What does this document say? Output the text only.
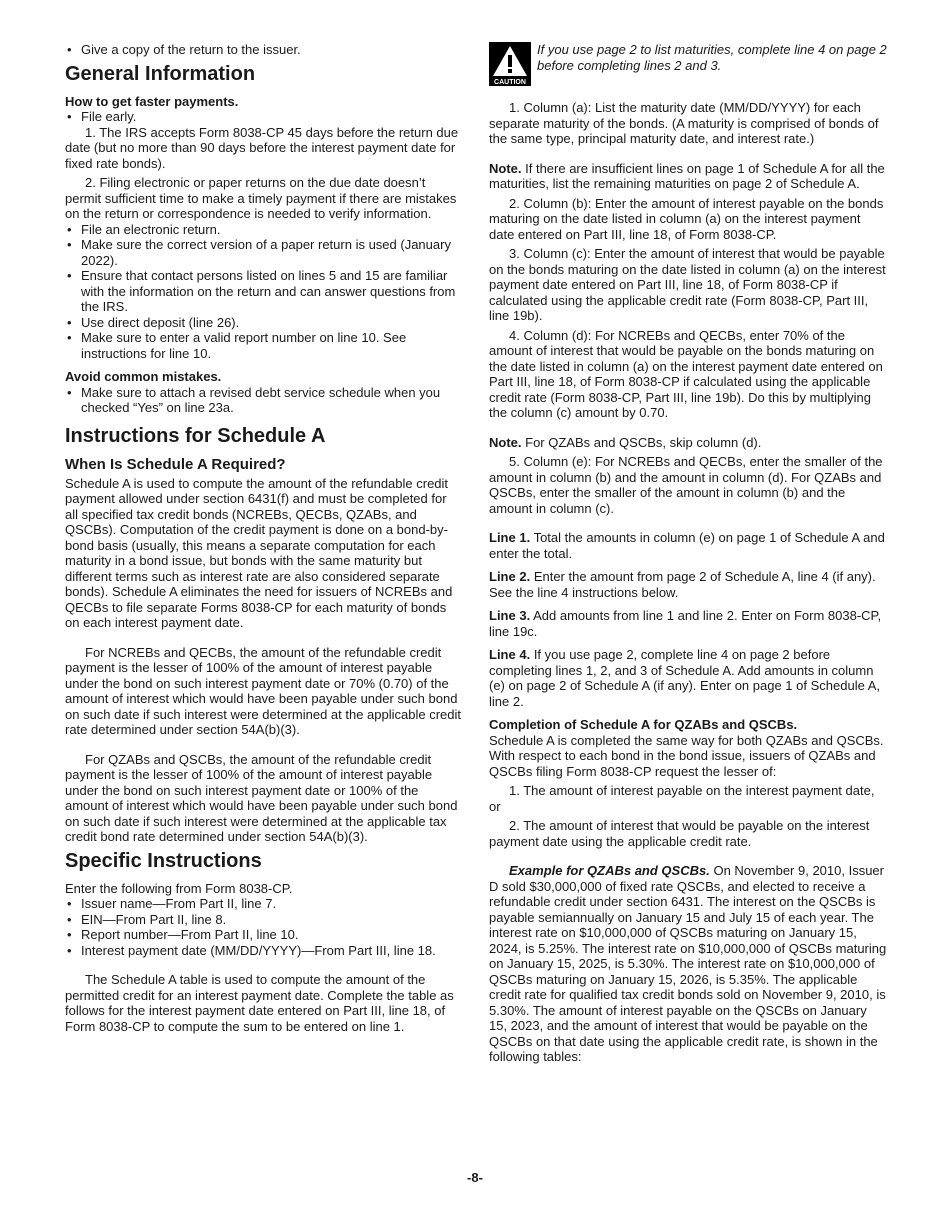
• Give a copy of the return to the issuer.

General Information

How to get faster payments.

• File early.

1. The IRS accepts Form 8038-CP 45 days before the return due date (but no more than 90 days before the interest payment date for fixed rate bonds).

2. Filing electronic or paper returns on the due date doesn’t permit sufficient time to make a timely payment if there are mistakes on the return or correspondence is needed to verify information.

• File an electronic return.

• Make sure the correct version of a paper return is used (January 2022).

• Ensure that contact persons listed on lines 5 and 15 are familiar with the information on the return and can answer questions from the IRS.

• Use direct deposit (line 26).

• Make sure to enter a valid report number on line 10. See instructions for line 10.

Avoid common mistakes.

• Make sure to attach a revised debt service schedule when you checked “Yes” on line 23a.

Instructions for Schedule A
When Is Schedule A Required?

Schedule A is used to compute the amount of the refundable credit payment allowed under section 6431(f) and must be completed for all specified tax credit bonds (NCREBs, QECBs, QZABs, and QSCBs). Computation of the credit payment is done on a bond-by-bond basis (usually, this means a separate computation for each maturity in a bond issue, but bonds with the same maturity but different terms such as interest rate are also considered separate bonds). Schedule A eliminates the need for issuers of NCREBs and QECBs to file separate Forms 8038-CP for each maturity of bonds on each interest payment date.

For NCREBs and QECBs, the amount of the refundable credit payment is the lesser of 100% of the amount of interest payable under the bond on such interest payment date or 70% (0.70) of the amount of interest which would have been payable under such bond on such date if such interest were determined at the applicable credit rate determined under section 54A(b)(3).

For QZABs and QSCBs, the amount of the refundable credit payment is the lesser of 100% of the amount of interest payable under the bond on such interest payment date or 100% of the amount of interest which would have been payable under such bond on such date if such interest were determined at the applicable tax credit bond rate determined under section 54A(b)(3).

Specific Instructions

Enter the following from Form 8038-CP.

• Issuer name—From Part II, line 7.

• EIN—From Part II, line 8.

• Report number—From Part II, line 10.

• Interest payment date (MM/DD/YYYY)—From Part III, line 18.

The Schedule A table is used to compute the amount of the permitted credit for an interest payment date. Complete the table as follows for the interest payment date entered on Part III, line 18, of Form 8038-CP to compute the sum to be entered on line 1.

CAUTION

If you use page 2 to list maturities, complete line 4 on page 2 before completing lines 2 and 3.

1. Column (a): List the maturity date (MM/DD/YYYY) for each separate maturity of the bonds. (A maturity is comprised of bonds of the same type, principal maturity date, and interest rate.)

Note. If there are insufficient lines on page 1 of Schedule A for all the maturities, list the remaining maturities on page 2 of Schedule A.

2. Column (b): Enter the amount of interest payable on the bonds maturing on the date listed in column (a) on the interest payment date entered on Part III, line 18, of Form 8038-CP.

3. Column (c): Enter the amount of interest that would be payable on the bonds maturing on the date listed in column (a) on the interest payment date entered on Part III, line 18, of Form 8038-CP if calculated using the applicable credit rate (Form 8038-CP, Part III, line 19b).

4. Column (d): For NCREBs and QECBs, enter 70% of the amount of interest that would be payable on the bonds maturing on the date listed in column (a) on the interest payment date entered on Part III, line 18, of Form 8038-CP if calculated using the applicable credit rate (Form 8038-CP, Part III, line 19b). Do this by multiplying the column (c) amount by 0.70.

Note. For QZABs and QSCBs, skip column (d).

5. Column (e): For NCREBs and QECBs, enter the smaller of the amount in column (b) and the amount in column (d). For QZABs and QSCBs, enter the smaller of the amount in column (b) and the amount in column (c).

Line 1. Total the amounts in column (e) on page 1 of Schedule A and enter the total.

Line 2. Enter the amount from page 2 of Schedule A, line 4 (if any). See the line 4 instructions below.

Line 3. Add amounts from line 1 and line 2. Enter on Form 8038-CP, line 19c.

Line 4. If you use page 2, complete line 4 on page 2 before completing lines 1, 2, and 3 of Schedule A. Add amounts in column (e) on page 2 of Schedule A (if any). Enter on page 1 of Schedule A, line 2.

Completion of Schedule A for QZABs and QSCBs.

Schedule A is completed the same way for both QZABs and QSCBs. With respect to each bond in the bond issue, issuers of QZABs and QSCBs filing Form 8038-CP request the lesser of:

1. The amount of interest payable on the interest payment date, or

2. The amount of interest that would be payable on the interest payment date using the applicable credit rate.

Example for QZABs and QSCBs. On November 9, 2010, Issuer D sold $30,000,000 of fixed rate QSCBs, and elected to receive a refundable credit under section 6431. The interest on the QSCBs is payable semiannually on January 15 and July 15 of each year. The interest rate on $10,000,000 of QSCBs maturing on January 15, 2024, is 5.25%. The interest rate on $10,000,000 of QSCBs maturing on January 15, 2025, is 5.30%. The interest rate on $10,000,000 of QSCBs maturing on January 15, 2026, is 5.35%. The applicable credit rate for qualified tax credit bonds sold on November 9, 2010, is 5.30%. The amount of interest payable on the QSCBs on January 15, 2023, and the amount of interest that would be payable on the QSCBs on that date using the applicable credit rate, is shown in the following tables:

-8-
